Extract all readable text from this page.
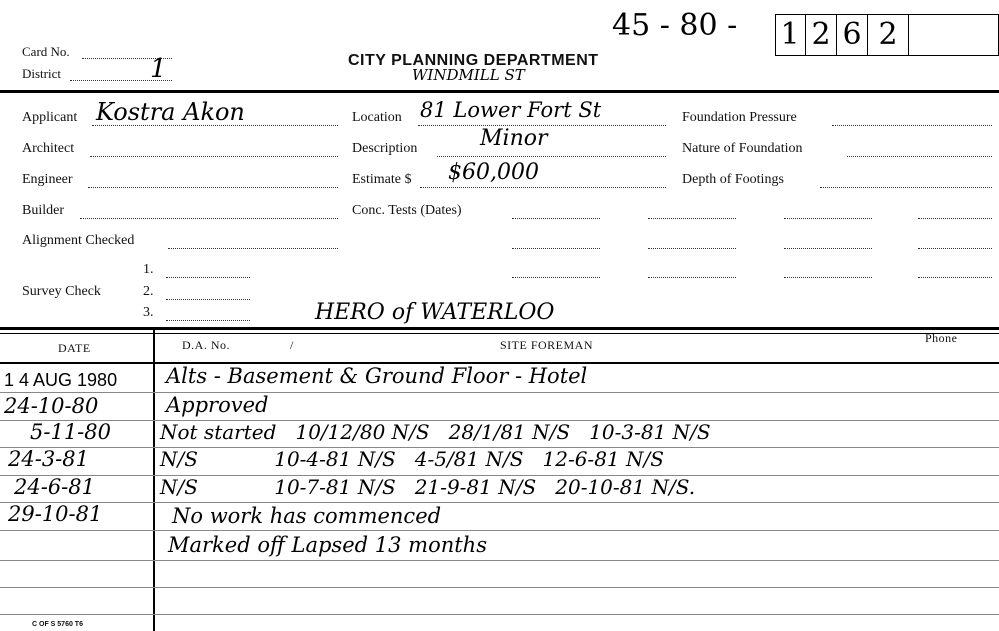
45 - 80 - 1 2 6 2
Card No.
District	1	CITY PLANNING DEPARTMENT
WINDMILL ST
Applicant Kostra Akon	Location 81 Lower Fort St	Foundation Pressure
Architect	Description	Minor	Nature of Foundation
Engineer	Estimate $ $60,000	Depth of Footings
Builder	Conc. Tests (Dates)
Alignment Checked
1.
Survey Check	2.
3.	HERO of WATERLOO
DATE	D.A. No.	/	SITE FOREMAN	Phone
1 4 AUG 1980 Alts - Basement & Ground Floor - Hotel
24-10-80	Approved
5-11-80 Not started   10/12/80 N/S   28/1/81 N/S   10-3-81 N/S
24-3-81	N/S            10-4-81 N/S   4-5/81 N/S   12-6-81 N/S
24-6-81	N/S            10-7-81 N/S   21-9-81 N/S   20-10-81 N/S.
29-10-81	No work has commenced
Marked off Lapsed 13 months
C OF S 5760 T6
